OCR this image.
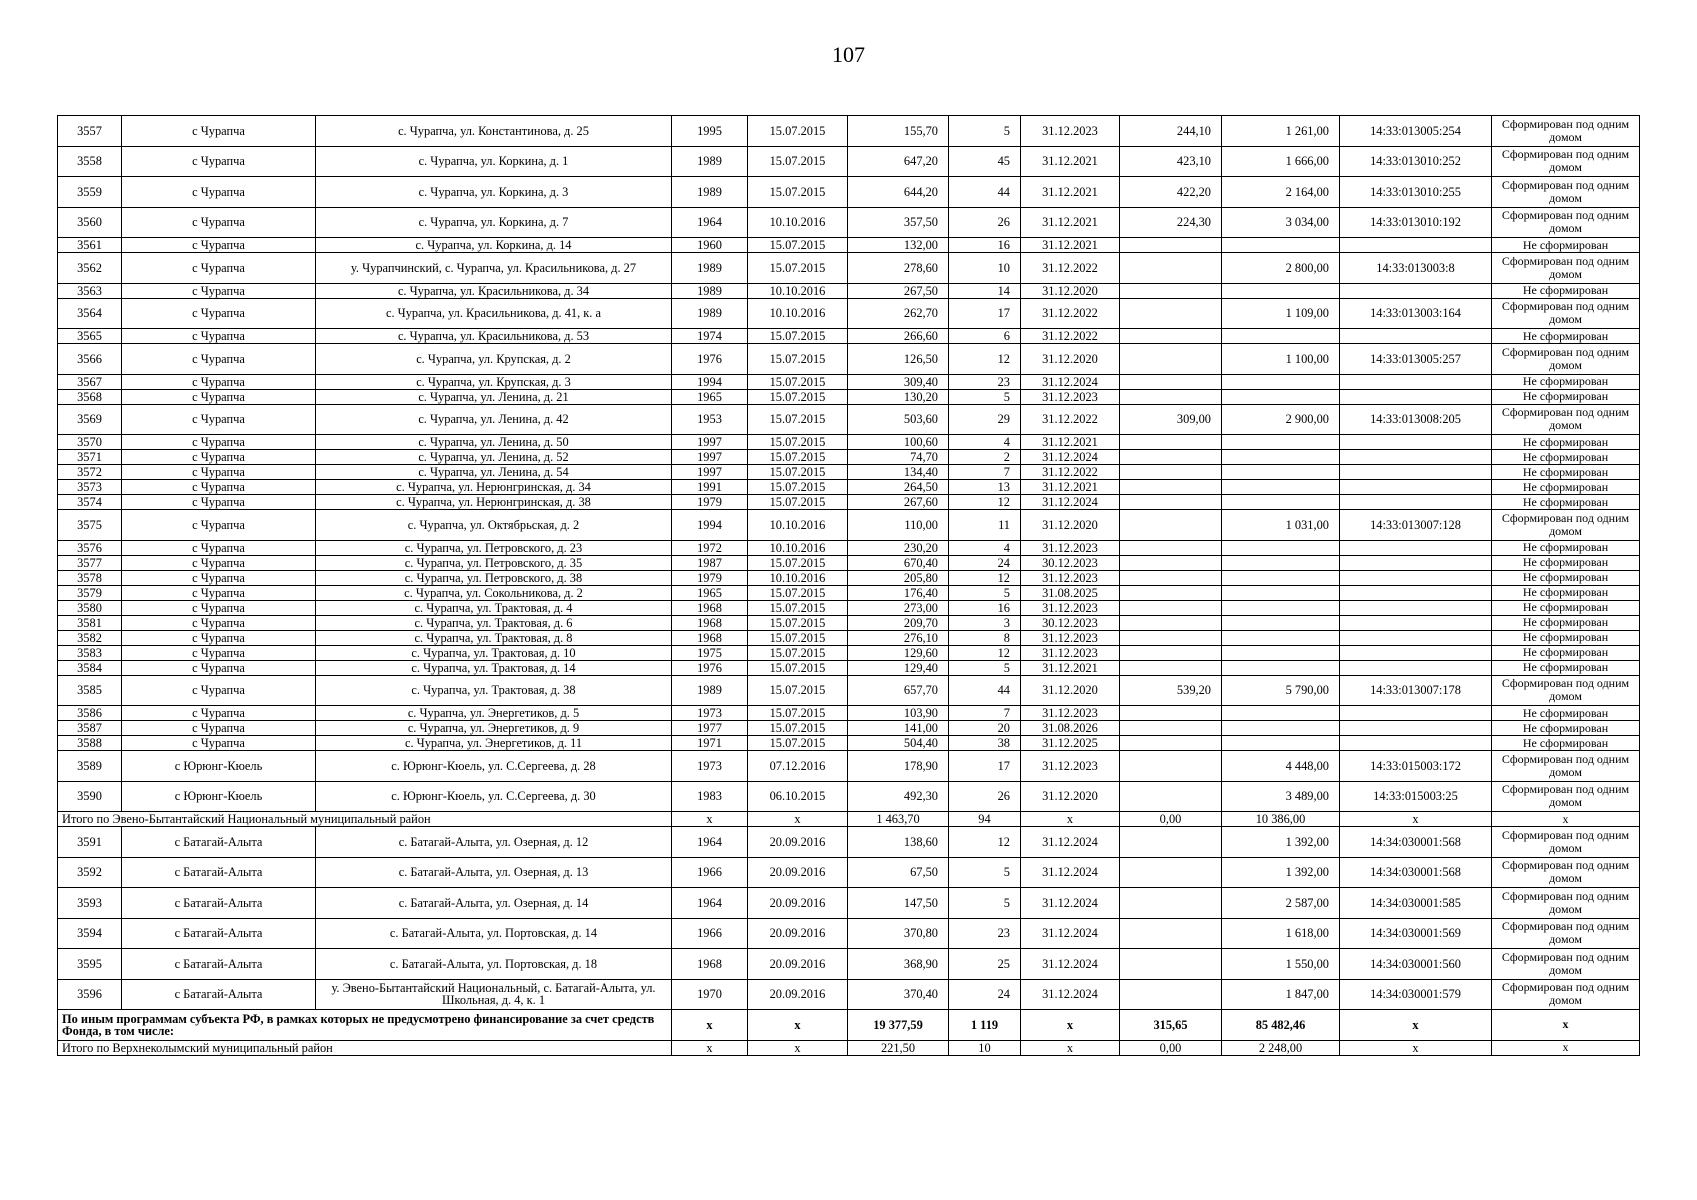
107
3557	с Чурапча	с. Чурапча, ул. Константинова, д. 25	1995	15.07.2015	155,70	5	31.12.2023	244,10	1 261,00	14:33:013005:254	Сформирован под одним домом
3558	с Чурапча	с. Чурапча, ул. Коркина, д. 1	1989	15.07.2015	647,20	45	31.12.2021	423,10	1 666,00	14:33:013010:252	Сформирован под одним домом
3559	с Чурапча	с. Чурапча, ул. Коркина, д. 3	1989	15.07.2015	644,20	44	31.12.2021	422,20	2 164,00	14:33:013010:255	Сформирован под одним домом
3560	с Чурапча	с. Чурапча, ул. Коркина, д. 7	1964	10.10.2016	357,50	26	31.12.2021	224,30	3 034,00	14:33:013010:192	Сформирован под одним домом
3561	с Чурапча	с. Чурапча, ул. Коркина, д. 14	1960	15.07.2015	132,00	16	31.12.2021				Не сформирован
3562	с Чурапча	у. Чурапчинский, с. Чурапча, ул. Красильникова, д. 27	1989	15.07.2015	278,60	10	31.12.2022		2 800,00	14:33:013003:8	Сформирован под одним домом
3563	с Чурапча	с. Чурапча, ул. Красильникова, д. 34	1989	10.10.2016	267,50	14	31.12.2020				Не сформирован
3564	с Чурапча	с. Чурапча, ул. Красильникова, д. 41, к. а	1989	10.10.2016	262,70	17	31.12.2022		1 109,00	14:33:013003:164	Сформирован под одним домом
3565	с Чурапча	с. Чурапча, ул. Красильникова, д. 53	1974	15.07.2015	266,60	6	31.12.2022				Не сформирован
3566	с Чурапча	с. Чурапча, ул. Крупская, д. 2	1976	15.07.2015	126,50	12	31.12.2020		1 100,00	14:33:013005:257	Сформирован под одним домом
3567	с Чурапча	с. Чурапча, ул. Крупская, д. 3	1994	15.07.2015	309,40	23	31.12.2024				Не сформирован
3568	с Чурапча	с. Чурапча, ул. Ленина, д. 21	1965	15.07.2015	130,20	5	31.12.2023				Не сформирован
3569	с Чурапча	с. Чурапча, ул. Ленина, д. 42	1953	15.07.2015	503,60	29	31.12.2022	309,00	2 900,00	14:33:013008:205	Сформирован под одним домом
3570	с Чурапча	с. Чурапча, ул. Ленина, д. 50	1997	15.07.2015	100,60	4	31.12.2021				Не сформирован
3571	с Чурапча	с. Чурапча, ул. Ленина, д. 52	1997	15.07.2015	74,70	2	31.12.2024				Не сформирован
3572	с Чурапча	с. Чурапча, ул. Ленина, д. 54	1997	15.07.2015	134,40	7	31.12.2022				Не сформирован
3573	с Чурапча	с. Чурапча, ул. Нерюнгринская, д. 34	1991	15.07.2015	264,50	13	31.12.2021				Не сформирован
3574	с Чурапча	с. Чурапча, ул. Нерюнгринская, д. 38	1979	15.07.2015	267,60	12	31.12.2024				Не сформирован
3575	с Чурапча	с. Чурапча, ул. Октябрьская, д. 2	1994	10.10.2016	110,00	11	31.12.2020		1 031,00	14:33:013007:128	Сформирован под одним домом
3576	с Чурапча	с. Чурапча, ул. Петровского, д. 23	1972	10.10.2016	230,20	4	31.12.2023				Не сформирован
3577	с Чурапча	с. Чурапча, ул. Петровского, д. 35	1987	15.07.2015	670,40	24	30.12.2023				Не сформирован
3578	с Чурапча	с. Чурапча, ул. Петровского, д. 38	1979	10.10.2016	205,80	12	31.12.2023				Не сформирован
3579	с Чурапча	с. Чурапча, ул. Сокольникова, д. 2	1965	15.07.2015	176,40	5	31.08.2025				Не сформирован
3580	с Чурапча	с. Чурапча, ул. Трактовая, д. 4	1968	15.07.2015	273,00	16	31.12.2023				Не сформирован
3581	с Чурапча	с. Чурапча, ул. Трактовая, д. 6	1968	15.07.2015	209,70	3	30.12.2023				Не сформирован
3582	с Чурапча	с. Чурапча, ул. Трактовая, д. 8	1968	15.07.2015	276,10	8	31.12.2023				Не сформирован
3583	с Чурапча	с. Чурапча, ул. Трактовая, д. 10	1975	15.07.2015	129,60	12	31.12.2023				Не сформирован
3584	с Чурапча	с. Чурапча, ул. Трактовая, д. 14	1976	15.07.2015	129,40	5	31.12.2021				Не сформирован
3585	с Чурапча	с. Чурапча, ул. Трактовая, д. 38	1989	15.07.2015	657,70	44	31.12.2020	539,20	5 790,00	14:33:013007:178	Сформирован под одним домом
3586	с Чурапча	с. Чурапча, ул. Энергетиков, д. 5	1973	15.07.2015	103,90	7	31.12.2023				Не сформирован
3587	с Чурапча	с. Чурапча, ул. Энергетиков, д. 9	1977	15.07.2015	141,00	20	31.08.2026				Не сформирован
3588	с Чурапча	с. Чурапча, ул. Энергетиков, д. 11	1971	15.07.2015	504,40	38	31.12.2025				Не сформирован
3589	с Юрюнг-Кюель	с. Юрюнг-Кюель, ул. С.Сергеева, д. 28	1973	07.12.2016	178,90	17	31.12.2023		4 448,00	14:33:015003:172	Сформирован под одним домом
3590	с Юрюнг-Кюель	с. Юрюнг-Кюель, ул. С.Сергеева, д. 30	1983	06.10.2015	492,30	26	31.12.2020		3 489,00	14:33:015003:25	Сформирован под одним домом
Итого по Эвено-Бытантайский Национальный муниципальный район			х	х	1 463,70	94	х	0,00	10 386,00	х	х
3591	с Батагай-Алыта	с. Батагай-Алыта, ул. Озерная, д. 12	1964	20.09.2016	138,60	12	31.12.2024		1 392,00	14:34:030001:568	Сформирован под одним домом
3592	с Батагай-Алыта	с. Батагай-Алыта, ул. Озерная, д. 13	1966	20.09.2016	67,50	5	31.12.2024		1 392,00	14:34:030001:568	Сформирован под одним домом
3593	с Батагай-Алыта	с. Батагай-Алыта, ул. Озерная, д. 14	1964	20.09.2016	147,50	5	31.12.2024		2 587,00	14:34:030001:585	Сформирован под одним домом
3594	с Батагай-Алыта	с. Батагай-Алыта, ул. Портовская, д. 14	1966	20.09.2016	370,80	23	31.12.2024		1 618,00	14:34:030001:569	Сформирован под одним домом
3595	с Батагай-Алыта	с. Батагай-Алыта, ул. Портовская, д. 18	1968	20.09.2016	368,90	25	31.12.2024		1 550,00	14:34:030001:560	Сформирован под одним домом
3596	с Батагай-Алыта	у. Эвено-Бытантайский Национальный, с. Батагай-Алыта, ул. Школьная, д. 4, к. 1	1970	20.09.2016	370,40	24	31.12.2024		1 847,00	14:34:030001:579	Сформирован под одним домом
По иным программам субъекта РФ, в рамках которых не предусмотрено финансирование за счет средств Фонда, в том числе:			х	х	19 377,59	1 119	х	315,65	85 482,46	х	х
Итого по Верхнеколымский муниципальный район			х	х	221,50	10	х	0,00	2 248,00	х	х
